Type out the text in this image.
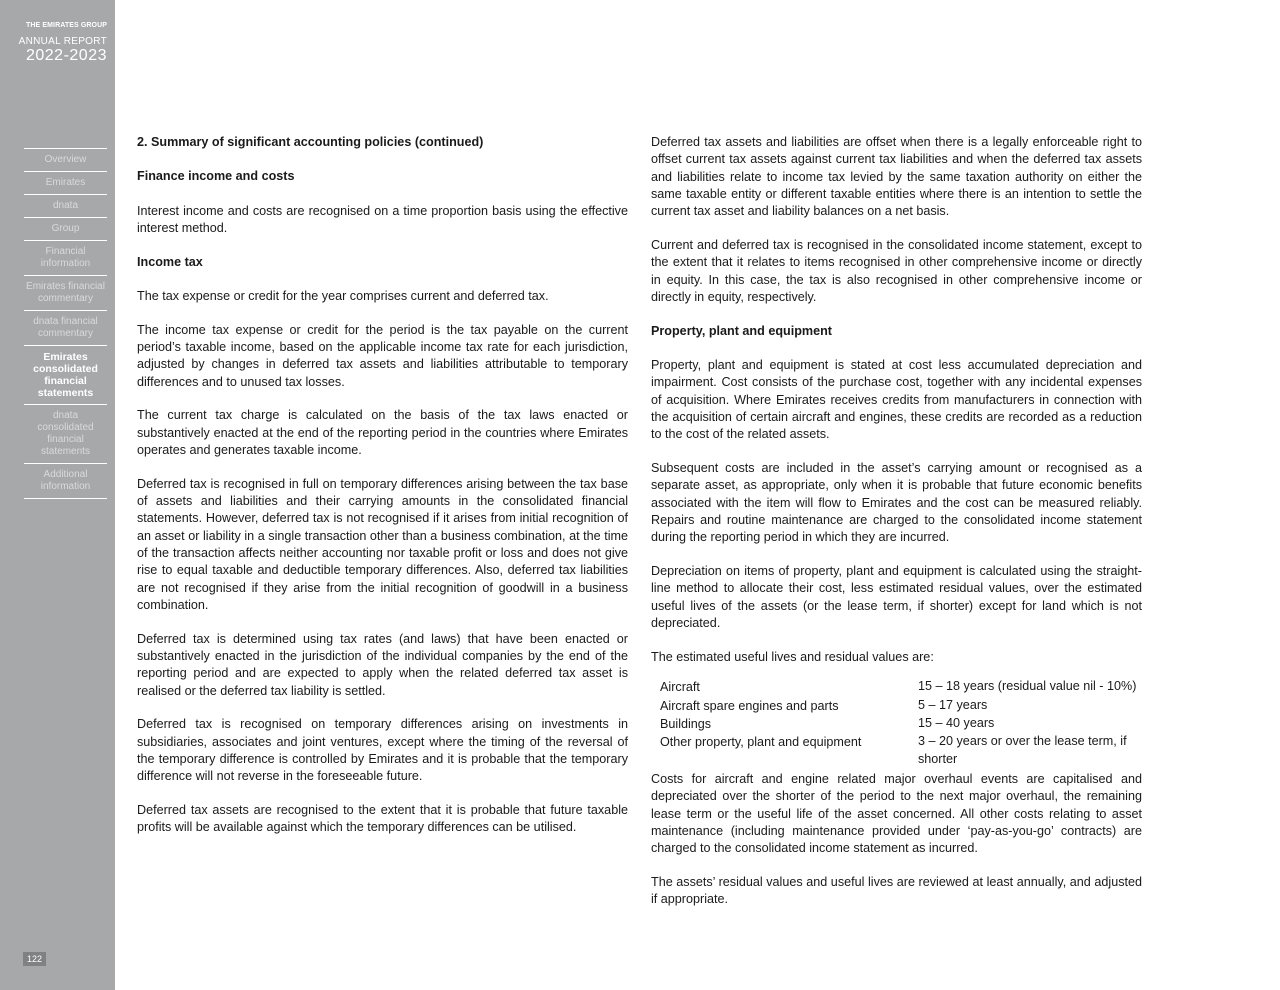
THE EMIRATES GROUP
ANNUAL REPORT
2022-2023
Overview
Emirates
dnata
Group
Financial information
Emirates financial commentary
dnata financial commentary
Emirates consolidated financial statements
dnata consolidated financial statements
Additional information
122
2. Summary of significant accounting policies (continued)
Finance income and costs

Interest income and costs are recognised on a time proportion basis using the effective interest method.

Income tax

The tax expense or credit for the year comprises current and deferred tax.

The income tax expense or credit for the period is the tax payable on the current period’s taxable income, based on the applicable income tax rate for each jurisdiction, adjusted by changes in deferred tax assets and liabilities attributable to temporary differences and to unused tax losses.

The current tax charge is calculated on the basis of the tax laws enacted or substantively enacted at the end of the reporting period in the countries where Emirates operates and generates taxable income.

Deferred tax is recognised in full on temporary differences arising between the tax base of assets and liabilities and their carrying amounts in the consolidated financial statements. However, deferred tax is not recognised if it arises from initial recognition of an asset or liability in a single transaction other than a business combination, at the time of the transaction affects neither accounting nor taxable profit or loss and does not give rise to equal taxable and deductible temporary differences. Also, deferred tax liabilities are not recognised if they arise from the initial recognition of goodwill in a business combination.

Deferred tax is determined using tax rates (and laws) that have been enacted or substantively enacted in the jurisdiction of the individual companies by the end of the reporting period and are expected to apply when the related deferred tax asset is realised or the deferred tax liability is settled.

Deferred tax is recognised on temporary differences arising on investments in subsidiaries, associates and joint ventures, except where the timing of the reversal of the temporary difference is controlled by Emirates and it is probable that the temporary difference will not reverse in the foreseeable future.

Deferred tax assets are recognised to the extent that it is probable that future taxable profits will be available against which the temporary differences can be utilised.

Deferred tax assets and liabilities are offset when there is a legally enforceable right to offset current tax assets against current tax liabilities and when the deferred tax assets and liabilities relate to income tax levied by the same taxation authority on either the same taxable entity or different taxable entities where there is an intention to settle the current tax asset and liability balances on a net basis.

Current and deferred tax is recognised in the consolidated income statement, except to the extent that it relates to items recognised in other comprehensive income or directly in equity. In this case, the tax is also recognised in other comprehensive income or directly in equity, respectively.

Property, plant and equipment

Property, plant and equipment is stated at cost less accumulated depreciation and impairment. Cost consists of the purchase cost, together with any incidental expenses of acquisition. Where Emirates receives credits from manufacturers in connection with the acquisition of certain aircraft and engines, these credits are recorded as a reduction to the cost of the related assets.

Subsequent costs are included in the asset’s carrying amount or recognised as a separate asset, as appropriate, only when it is probable that future economic benefits associated with the item will flow to Emirates and the cost can be measured reliably. Repairs and routine maintenance are charged to the consolidated income statement during the reporting period in which they are incurred.

Depreciation on items of property, plant and equipment is calculated using the straight-line method to allocate their cost, less estimated residual values, over the estimated useful lives of the assets (or the lease term, if shorter) except for land which is not depreciated.

The estimated useful lives and residual values are:

Aircraft	15 – 18 years (residual value nil - 10%)
Aircraft spare engines and parts	5 – 17 years
Buildings	15 – 40 years
Other property, plant and equipment	3 – 20 years or over the lease term, if shorter

Costs for aircraft and engine related major overhaul events are capitalised and depreciated over the shorter of the period to the next major overhaul, the remaining lease term or the useful life of the asset concerned. All other costs relating to asset maintenance (including maintenance provided under ‘pay-as-you-go’ contracts) are charged to the consolidated income statement as incurred.

The assets’ residual values and useful lives are reviewed at least annually, and adjusted if appropriate.
